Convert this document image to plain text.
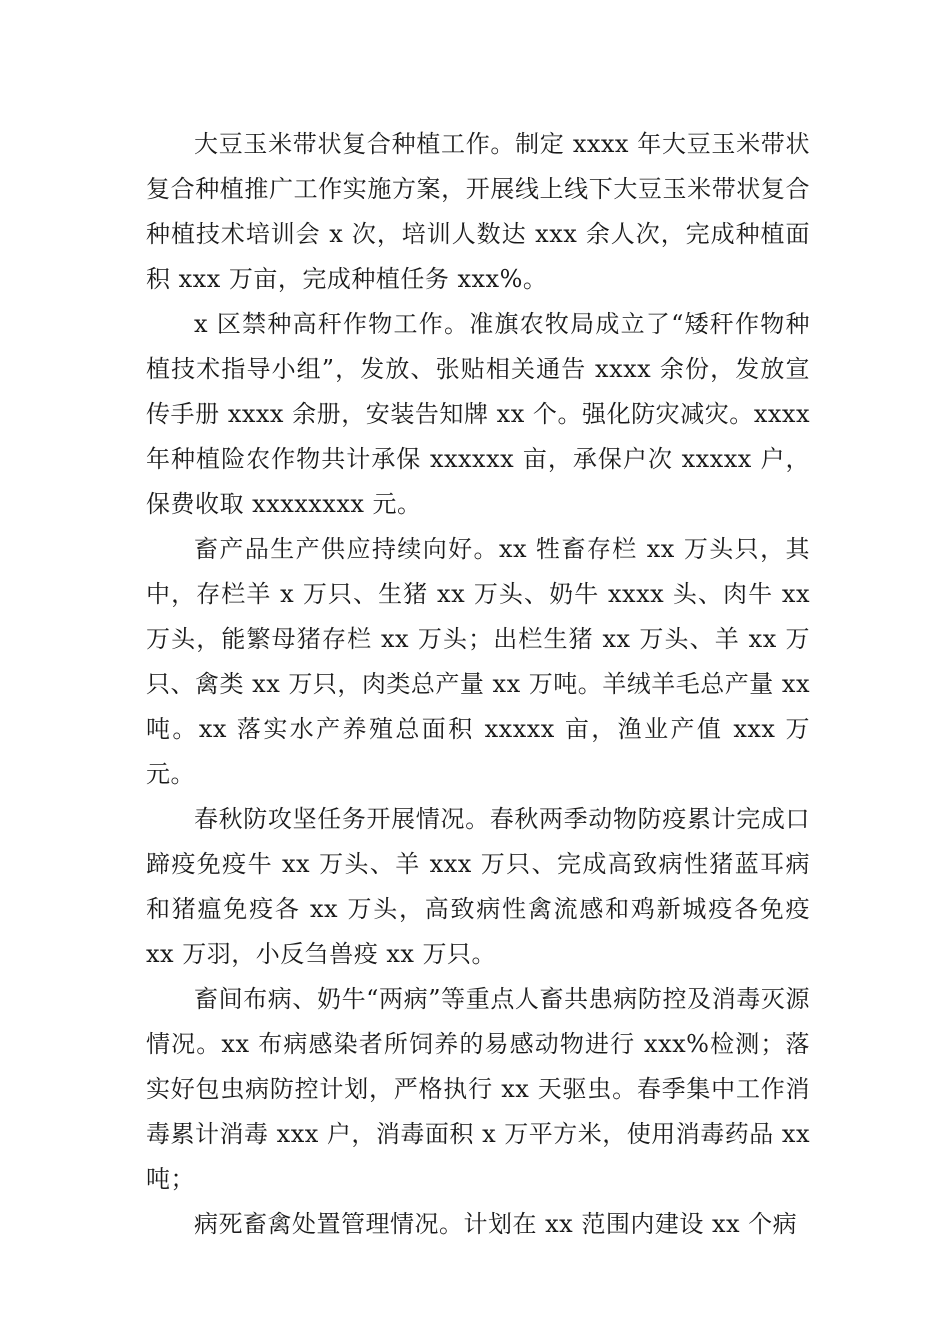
大豆玉米带状复合种植工作。制定 xxxx 年大豆玉米带状复合种植推广工作实施方案，开展线上线下大豆玉米带状复合种植技术培训会 x 次，培训人数达 xxx 余人次，完成种植面积 xxx 万亩，完成种植任务 xxx%。

x 区禁种高秆作物工作。准旗农牧局成立了“矮秆作物种植技术指导小组”，发放、张贴相关通告 xxxx 余份，发放宣传手册 xxxx 余册，安装告知牌 xx 个。强化防灾减灾。xxxx 年种植险农作物共计承保 xxxxxx 亩，承保户次 xxxxx 户，保费收取 xxxxxxxx 元。

畜产品生产供应持续向好。xx 牲畜存栏 xx 万头只，其中，存栏羊 x 万只、生猪 xx 万头、奶牛 xxxx 头、肉牛 xx 万头，能繁母猪存栏 xx 万头；出栏生猪 xx 万头、羊 xx 万只、禽类 xx 万只，肉类总产量 xx 万吨。羊绒羊毛总产量 xx 吨。xx 落实水产养殖总面积 xxxxx 亩，渔业产值 xxx 万元。

春秋防攻坚任务开展情况。春秋两季动物防疫累计完成口蹄疫免疫牛 xx 万头、羊 xxx 万只、完成高致病性猪蓝耳病和猪瘟免疫各 xx 万头，高致病性禽流感和鸡新城疫各免疫 xx 万羽，小反刍兽疫 xx 万只。

畜间布病、奶牛“两病”等重点人畜共患病防控及消毒灭源情况。xx 布病感染者所饲养的易感动物进行 xxx%检测；落实好包虫病防控计划，严格执行 xx 天驱虫。春季集中工作消毒累计消毒 xxx 户，消毒面积 x 万平方米，使用消毒药品 xx 吨；

病死畜禽处置管理情况。计划在 xx 范围内建设 xx 个病
